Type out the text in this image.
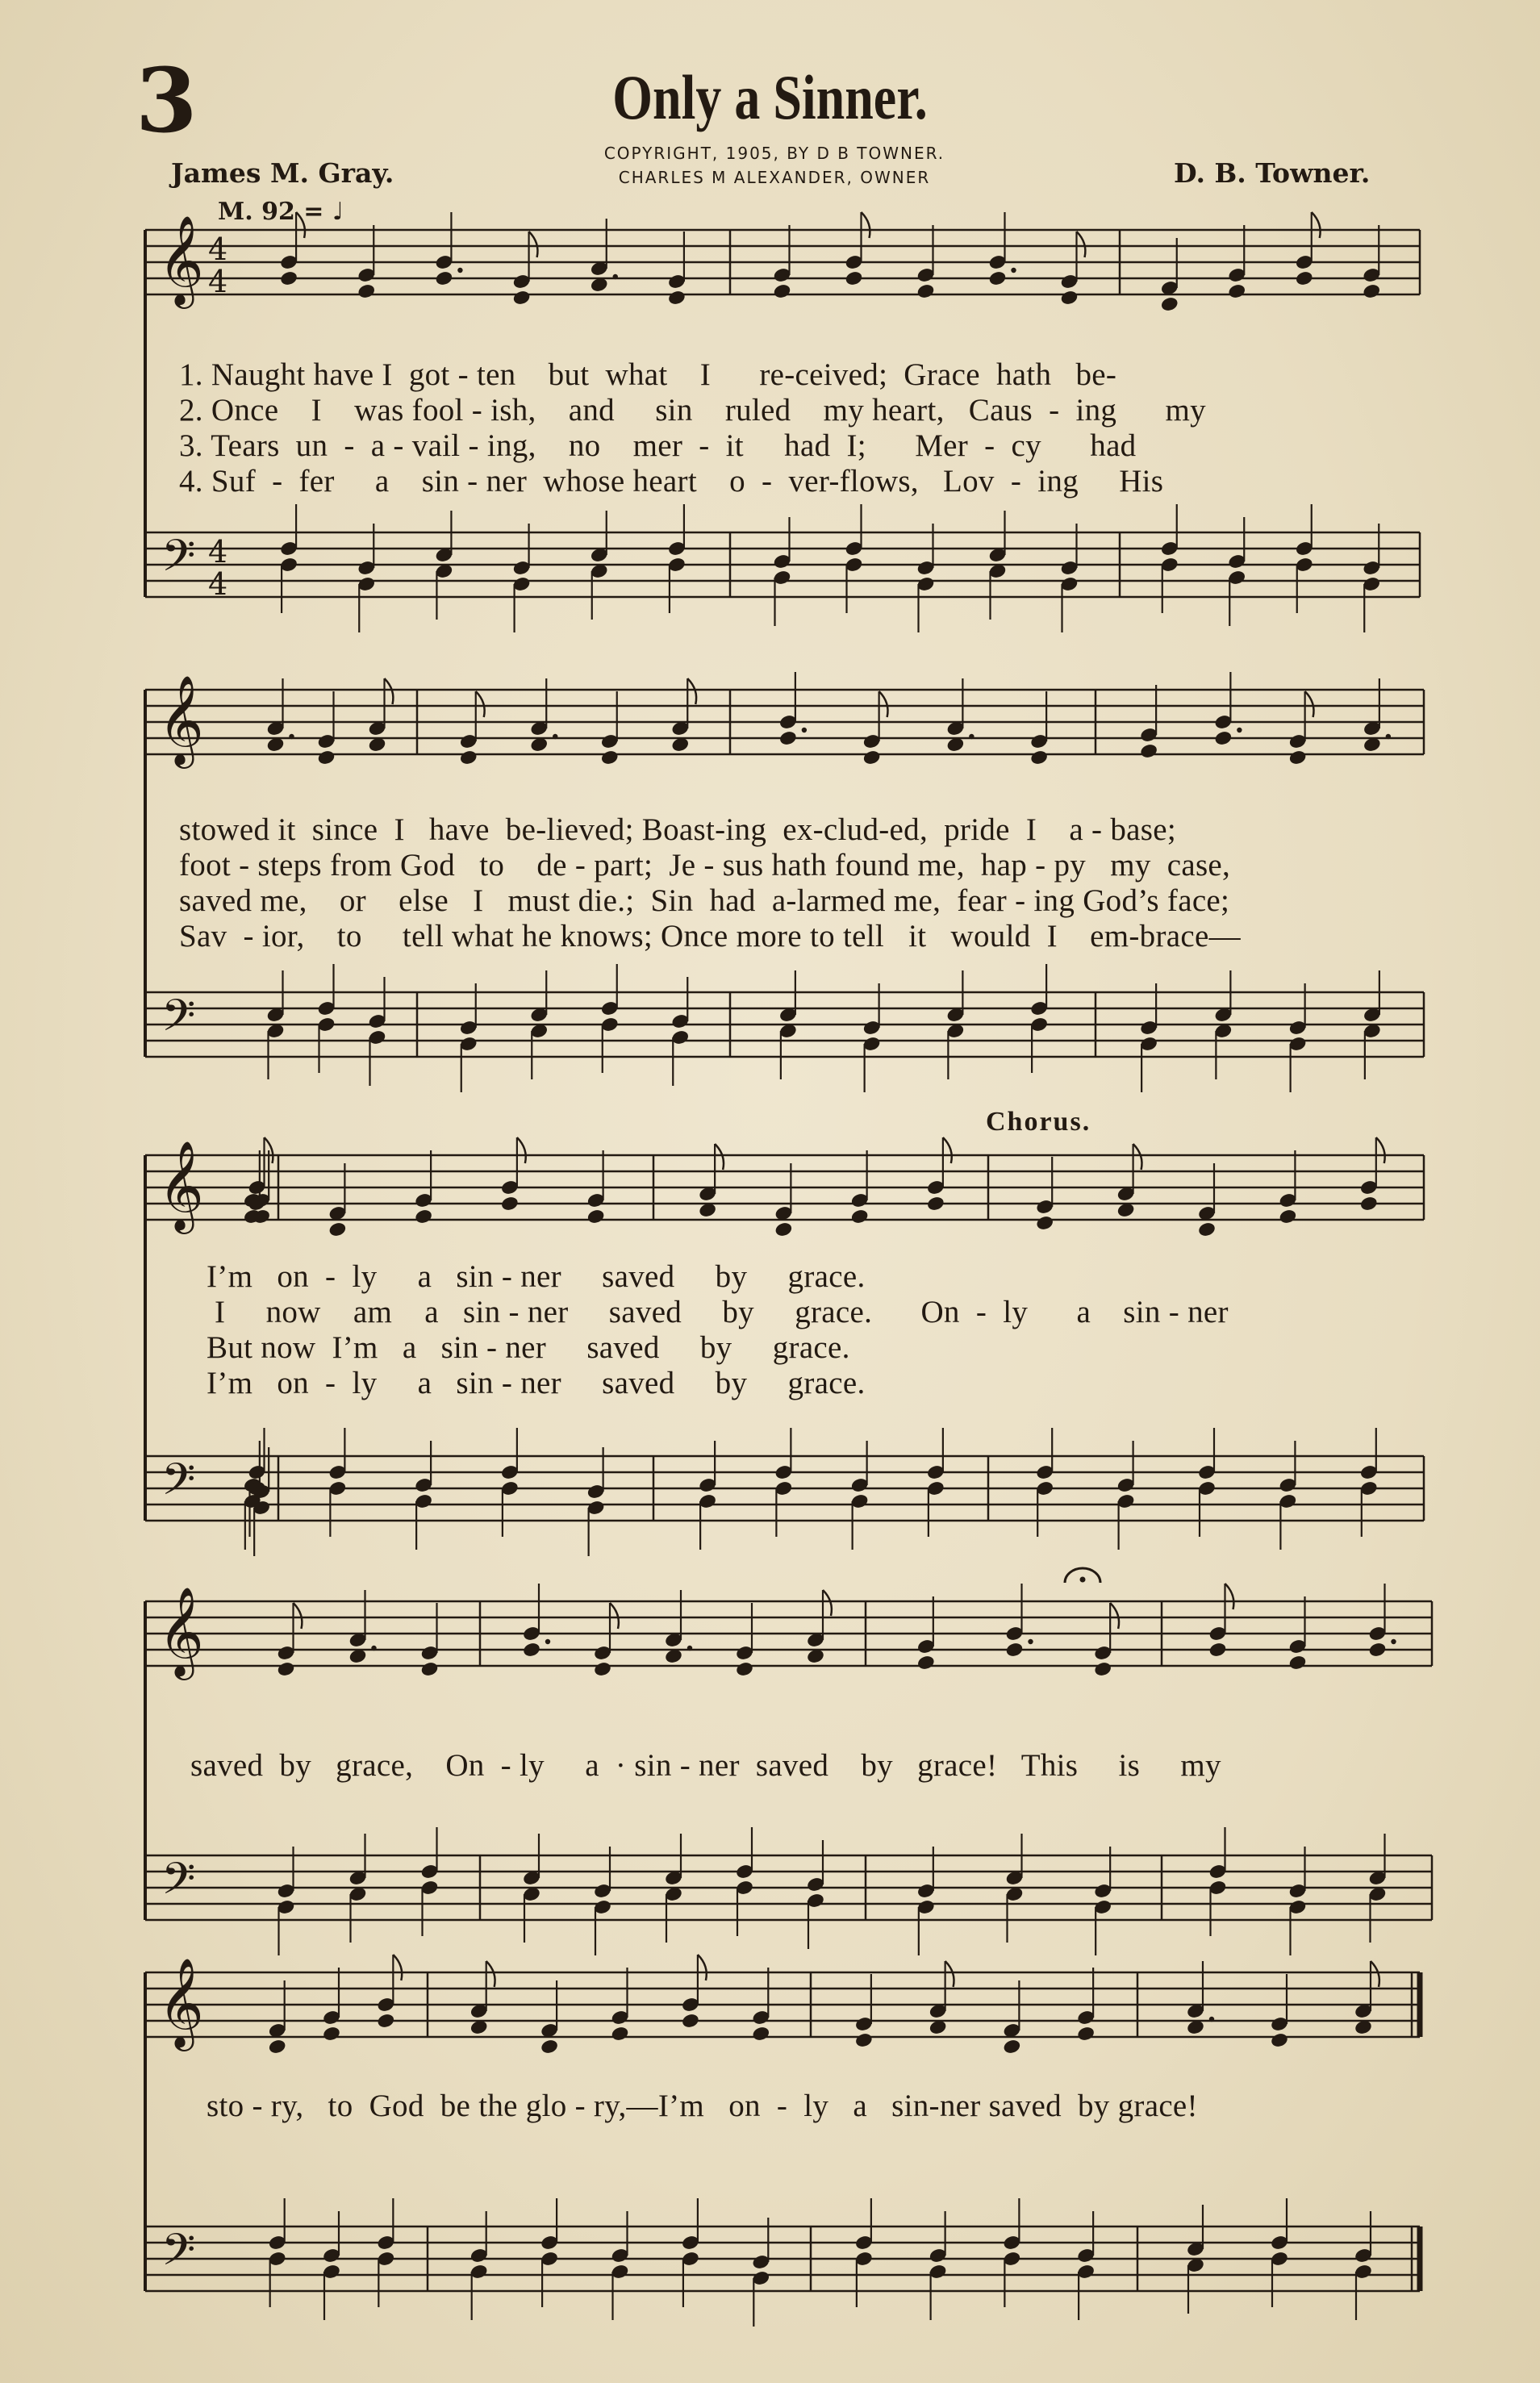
3	Only a Sinner.
COPYRIGHT, 1905, BY D B TOWNER.
CHARLES M ALEXANDER, OWNER
James M. Gray.	D. B. Towner.
M. 92 = ♩
𝄞 4
4
𝄢 4
4
𝄞
𝄢
𝄞
𝄢
𝄞
𝄢
𝄞
𝄢
1. Naught have I  got - ten    but  what    I      re-ceived;  Grace  hath   be-
2. Once    I    was fool - ish,    and     sin    ruled    my heart,   Caus  -  ing      my
3. Tears  un  -  a - vail - ing,    no    mer  -  it     had  I;      Mer  -  cy      had
4. Suf  -  fer     a    sin - ner  whose heart    o  -  ver-flows,   Lov  -  ing     His
stowed it  since  I   have  be-lieved; Boast-ing  ex-clud-ed,  pride  I    a - base;
foot - steps from God   to    de - part;  Je - sus hath found me,  hap - py   my  case,
saved me,    or    else   I   must die.;  Sin  had  a-larmed me,  fear - ing God’s face;
Sav  - ior,    to     tell what he knows; Once more to tell   it   would  I    em-brace—
Chorus.
I’m   on  -  ly     a   sin - ner     saved     by     grace.
I     now    am    a   sin - ner     saved     by     grace.      On  -  ly      a    sin - ner
But now  I’m   a   sin - ner     saved     by     grace.
I’m   on  -  ly     a   sin - ner     saved     by     grace.
saved  by   grace,    On  - ly     a  · sin - ner  saved    by   grace!   This     is     my
sto - ry,   to  God  be the glo - ry,—I’m   on  -  ly   a   sin-ner saved  by grace!
